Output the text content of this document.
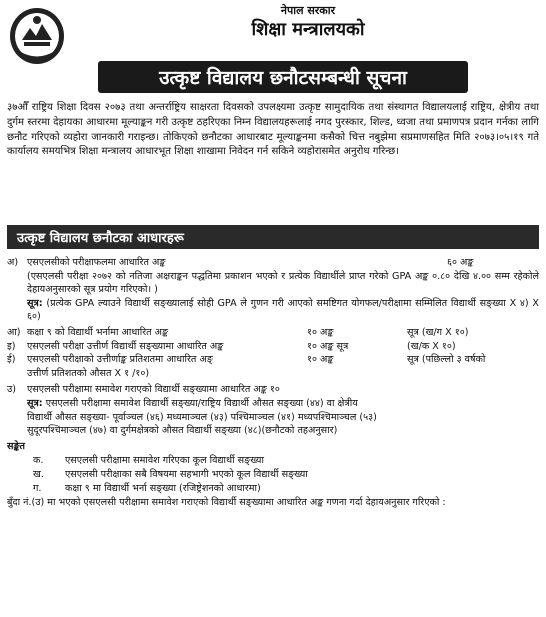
नेपाल सरकार
शिक्षा मन्त्रालयको
उत्कृष्ट विद्यालय छनौटसम्बन्धी सूचना
३७औँ राष्ट्रिय शिक्षा दिवस २०७३ तथा अन्तर्राष्ट्रिय साक्षरता दिवसको उपलक्ष्यमा उत्कृष्ट सामुदायिक तथा संस्थागत विद्यालयलाई राष्ट्रिय, क्षेत्रीय तथा दुर्गम स्तरमा देहायका आधारमा मूल्याङ्कन गरी उत्कृष्ट ठहरिएका निम्न विद्यालयहरूलाई नगद पुरस्कार, शिल्ड, ध्वजा तथा प्रमाणपत्र प्रदान गर्नका लागि छनौट गरिएको व्यहोरा जानकारी गराइन्छ। तोकिएको छनौटका आधारबाट मूल्याङ्कनमा कसैको चित्त नबुझेमा सप्रमाणसहित मिति २०७३।०५।१९ गते कार्यालय समयभित्र शिक्षा मन्त्रालय आधारभूत शिक्षा शाखामा निवेदन गर्न सकिने व्यहोरासमेत अनुरोध गरिन्छ।
उत्कृष्ट विद्यालय छनौटका आधारहरू
अ) एसएलसीको परीक्षाफलमा आधारित अङ्क	६० अङ्क
(एसएलसी परीक्षा २०७२ को नतिजा अक्षराङ्कन पद्धतिमा प्रकाशन भएको र प्रत्येक विद्यार्थीले प्राप्त गरेको GPA अङ्क ०.८० देखि ४.०० सम्म रहेकोले देहायअनुसारको सूत्र प्रयोग गरिएको। )
सूत्र: (प्रत्येक GPA ल्याउने विद्यार्थी सङ्ख्यालाई सोही GPA ले गुणन गरी आएको समष्टिगत योगफल/परीक्षामा सम्मिलित विद्यार्थी सङ्ख्या X ४) X ६०)
आ) कक्षा ९ को विद्यार्थी भर्नामा आधारित अङ्क	१० अङ्क	सूत्र (ख/ग X १०)
इ) एसएलसी परीक्षा उत्तीर्ण विद्यार्थी सङ्ख्यामा आधारित अङ्क	१० अङ्क सूत्र	(ख/क X १०)
ई) एसएलसी परीक्षाको उत्तीर्णाङ्क प्रतिशतमा आधारित अङ्	१० अङ्क	सूत्र (पछिल्लो ३ वर्षको
उत्तीर्ण प्रतिशतको औसत X १ /१०)
उ) एसएलसी परीक्षामा समावेश गराएको विद्यार्थी सङ्ख्यामा आधारित अङ्क १०
सूत्र: एसएलसी परीक्षामा समावेश विद्यार्थी सङ्ख्या/राष्ट्रिय विद्यार्थी औसत सङ्ख्या (४४) वा क्षेत्रीय
विद्यार्थी औसत सङ्ख्या- पूर्वाञ्चल (४६) मध्यमाञ्चल (४३) पश्चिमाञ्चल (४१) मध्यपश्चिमाञ्चल (५३)
सुदूरपश्चिमाञ्चल (४७) वा दुर्गमक्षेत्रको औसत विद्यार्थी सङ्ख्या (४८)(छनौटको तहअनुसार)
सङ्केत
क.	एसएलसी परीक्षामा समावेश गरिएका कूल विद्यार्थी सङ्ख्या
ख.	एसएलसी परीक्षाका सबै विषयमा सहभागी भएको कूल विद्यार्थी सङ्ख्या
ग.	कक्षा ९ मा विद्यार्थी भर्ना सङ्ख्या (रजिष्ट्रेशनको आधारमा)
बुँदा नं.(उ) मा भएको एसएलसी परीक्षामा समावेश गराएको विद्यार्थी सङ्ख्यामा आधारित अङ्क गणना गर्दा देहायअनुसार गरिएको :
